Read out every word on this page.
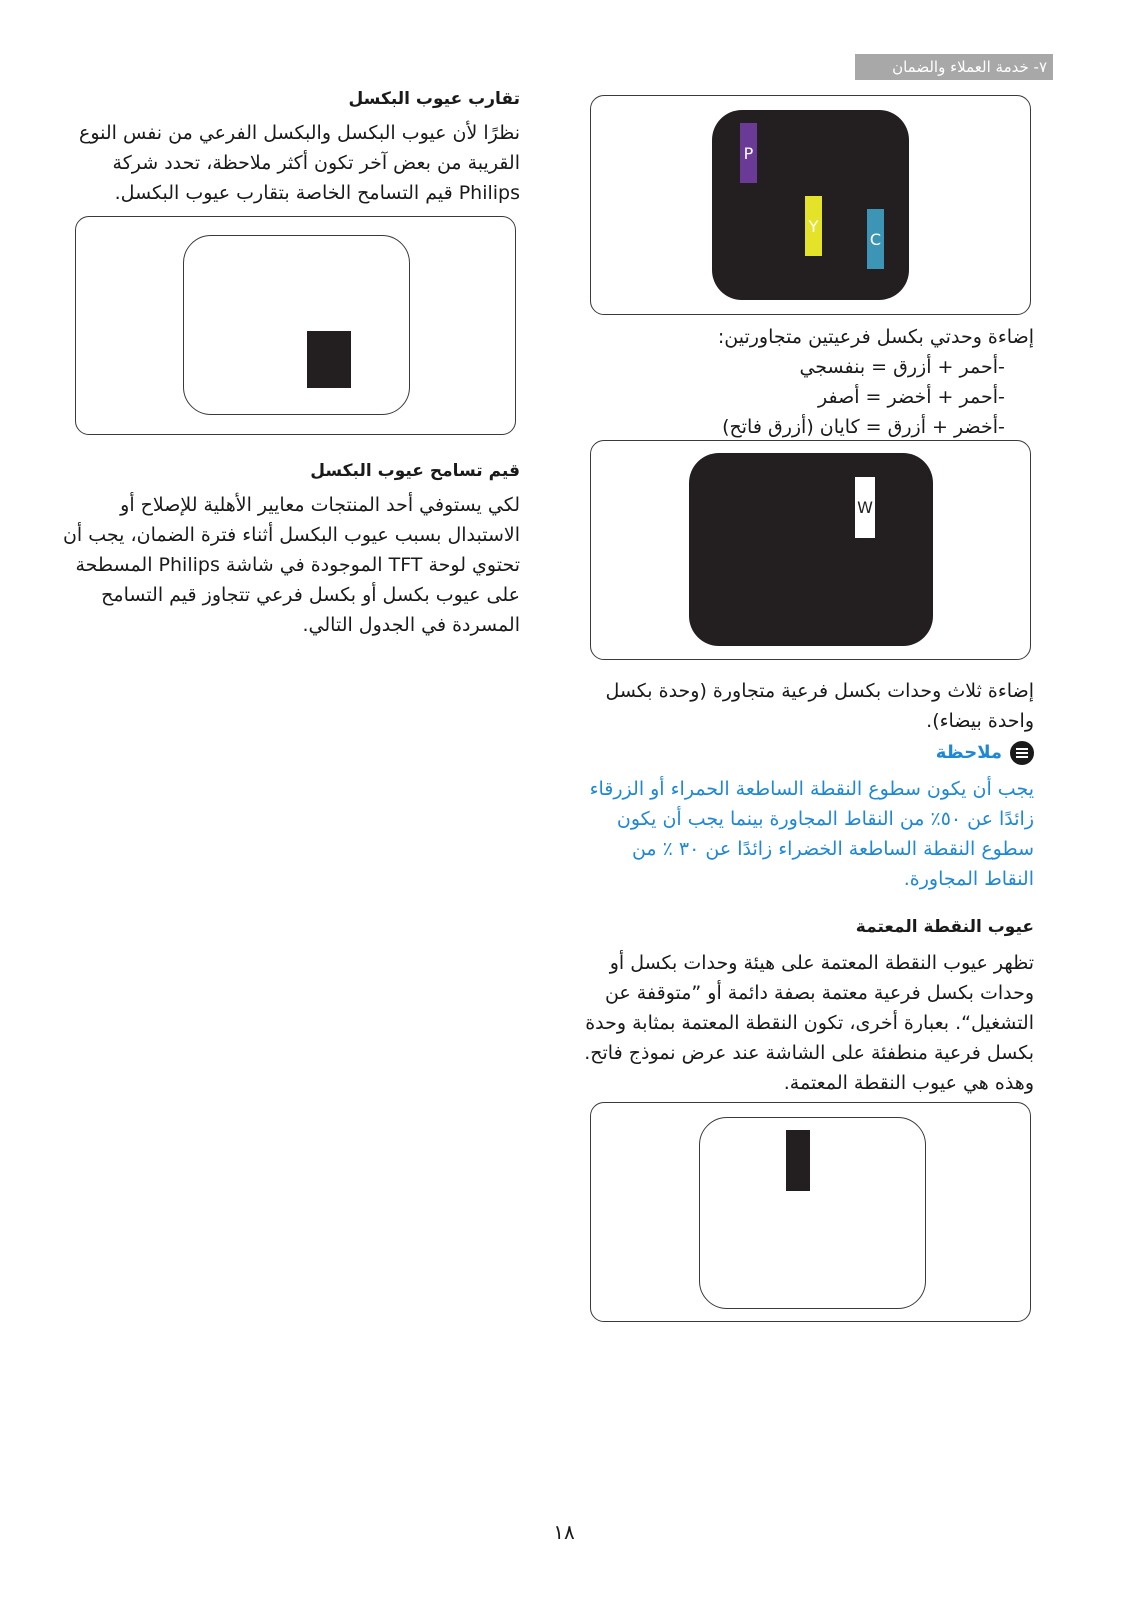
٧- خدمة العملاء والضمان

تقارب عيوب البكسل

نظرًا لأن عيوب البكسل والبكسل الفرعي من نفس النوع
القريبة من بعض آخر تكون أكثر ملاحظة، تحدد شركة
Philips قيم التسامح الخاصة بتقارب عيوب البكسل.

قيم تسامح عيوب البكسل

لكي يستوفي أحد المنتجات معايير الأهلية للإصلاح أو
الاستبدال بسبب عيوب البكسل أثناء فترة الضمان، يجب أن
تحتوي لوحة TFT الموجودة في شاشة Philips المسطحة
على عيوب بكسل أو بكسل فرعي تتجاوز قيم التسامح
المسردة في الجدول التالي.

P
Y
C

إضاءة وحدتي بكسل فرعيتين متجاورتين:

-أحمر + أزرق = بنفسجي
-أحمر + أخضر = أصفر
-أخضر + أزرق = كايان (أزرق فاتح)
W

إضاءة ثلاث وحدات بكسل فرعية متجاورة (وحدة بكسل
واحدة بيضاء).

ملاحظة

يجب أن يكون سطوع النقطة الساطعة الحمراء أو الزرقاء
زائدًا عن ٥٠٪ من النقاط المجاورة بينما يجب أن يكون
سطوع النقطة الساطعة الخضراء زائدًا عن ٣٠ ٪ من
النقاط المجاورة.

عيوب النقطة المعتمة

تظهر عيوب النقطة المعتمة على هيئة وحدات بكسل أو
وحدات بكسل فرعية معتمة بصفة دائمة أو ”متوقفة عن
التشغيل“. بعبارة أخرى، تكون النقطة المعتمة بمثابة وحدة
بكسل فرعية منطفئة على الشاشة عند عرض نموذج فاتح.
وهذه هي عيوب النقطة المعتمة.

١٨
